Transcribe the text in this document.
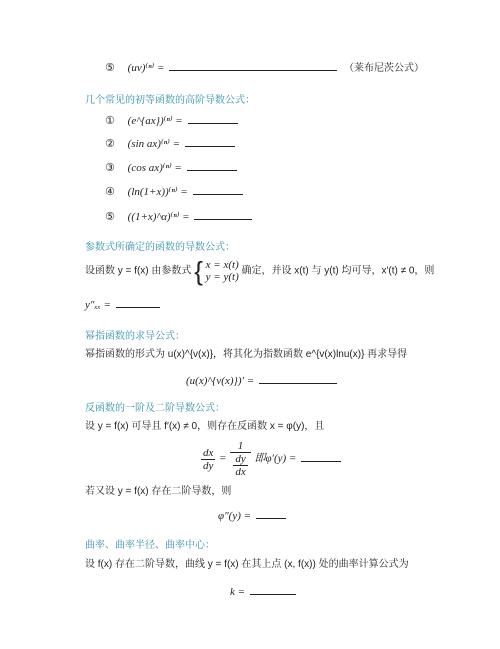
⑤ (uv)⁽ⁿ⁾ =	（莱布尼茨公式）
几个常见的初等函数的高阶导数公式：
① (e^{ax})⁽ⁿ⁾ =
② (sin ax)⁽ⁿ⁾ =
③ (cos ax)⁽ⁿ⁾ =
④ (ln(1+x))⁽ⁿ⁾ =
⑤ ((1+x)^α)⁽ⁿ⁾ =
参数式所确定的函数的导数公式：
设函数 y = f(x) 由参数式 { x = x(t)
y = y(t) 确定，并设 x(t) 与 y(t) 均可导，x′(t) ≠ 0，则
y″ₓₓ =
幂指函数的求导公式：
幂指函数的形式为 u(x)^{v(x)}，将其化为指数函数 e^{v(x)lnu(x)} 再求导得
(u(x)^{v(x)})′ =
反函数的一阶及二阶导数公式：
设 y = f(x) 可导且 f′(x) ≠ 0，则存在反函数 x = φ(y)，且
$\frac{dx}{dy} = \frac{1}{\frac{dy}{dx}}$ 即φ′(y) =
若又设 y = f(x) 存在二阶导数，则
φ″(y) =
曲率、曲率半径、曲率中心：
设 f(x) 存在二阶导数，曲线 y = f(x) 在其上点 (x, f(x)) 处的曲率计算公式为
k =
